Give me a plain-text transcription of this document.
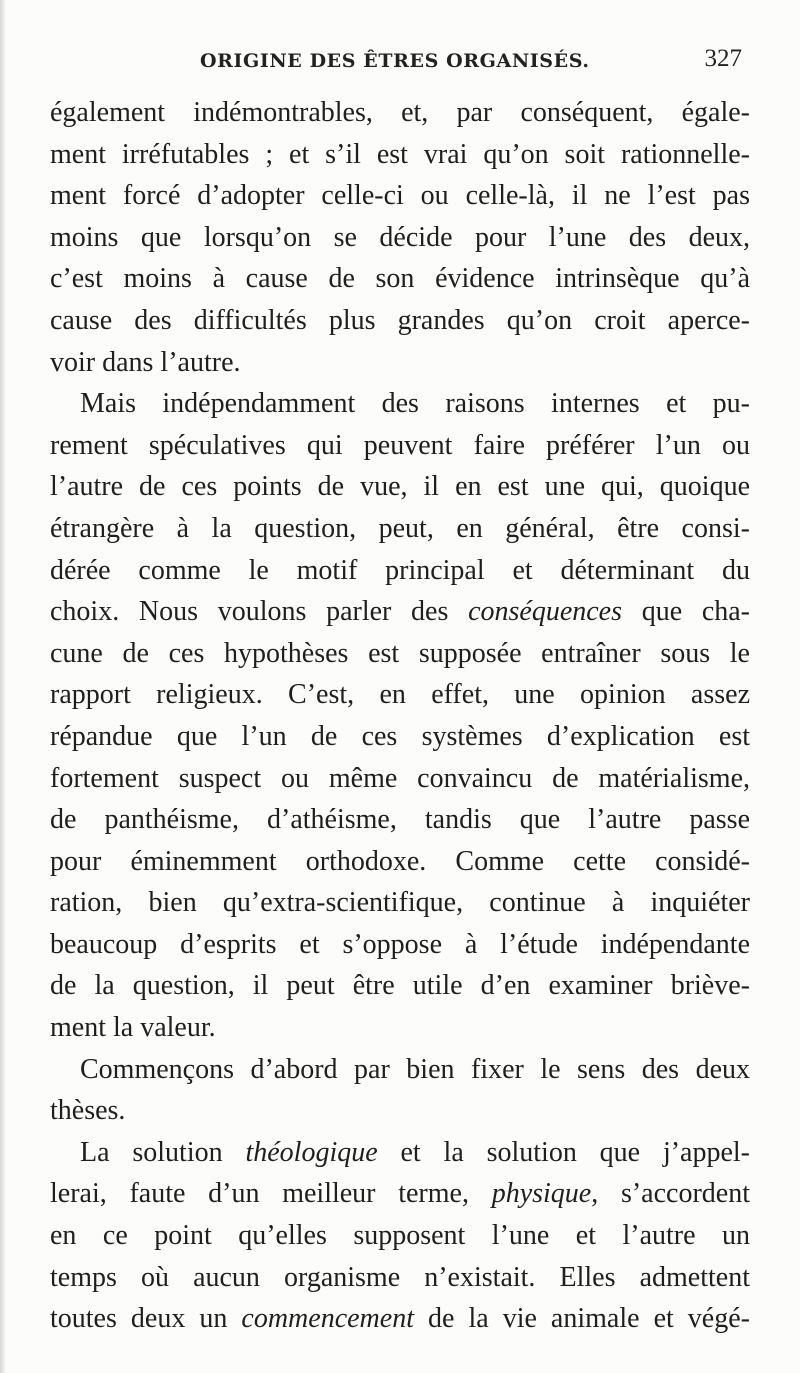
ORIGINE DES ÊTRES ORGANISÉS.	327
également indémontrables, et, par conséquent, égale-
ment irréfutables ; et s’il est vrai qu’on soit rationnelle-
ment forcé d’adopter celle-ci ou celle-là, il ne l’est pas
moins que lorsqu’on se décide pour l’une des deux,
c’est moins à cause de son évidence intrinsèque qu’à
cause des difficultés plus grandes qu’on croit aperce-
voir dans l’autre.
Mais indépendamment des raisons internes et pu-
rement spéculatives qui peuvent faire préférer l’un ou
l’autre de ces points de vue, il en est une qui, quoique
étrangère à la question, peut, en général, être consi-
dérée comme le motif principal et déterminant du
choix. Nous voulons parler des conséquences que cha-
cune de ces hypothèses est supposée entraîner sous le
rapport religieux. C’est, en effet, une opinion assez
répandue que l’un de ces systèmes d’explication est
fortement suspect ou même convaincu de matérialisme,
de panthéisme, d’athéisme, tandis que l’autre passe
pour éminemment orthodoxe. Comme cette considé-
ration, bien qu’extra-scientifique, continue à inquiéter
beaucoup d’esprits et s’oppose à l’étude indépendante
de la question, il peut être utile d’en examiner briève-
ment la valeur.
Commençons d’abord par bien fixer le sens des deux
thèses.
La solution théologique et la solution que j’appel-
lerai, faute d’un meilleur terme, physique, s’accordent
en ce point qu’elles supposent l’une et l’autre un
temps où aucun organisme n’existait. Elles admettent
toutes deux un commencement de la vie animale et végé-
